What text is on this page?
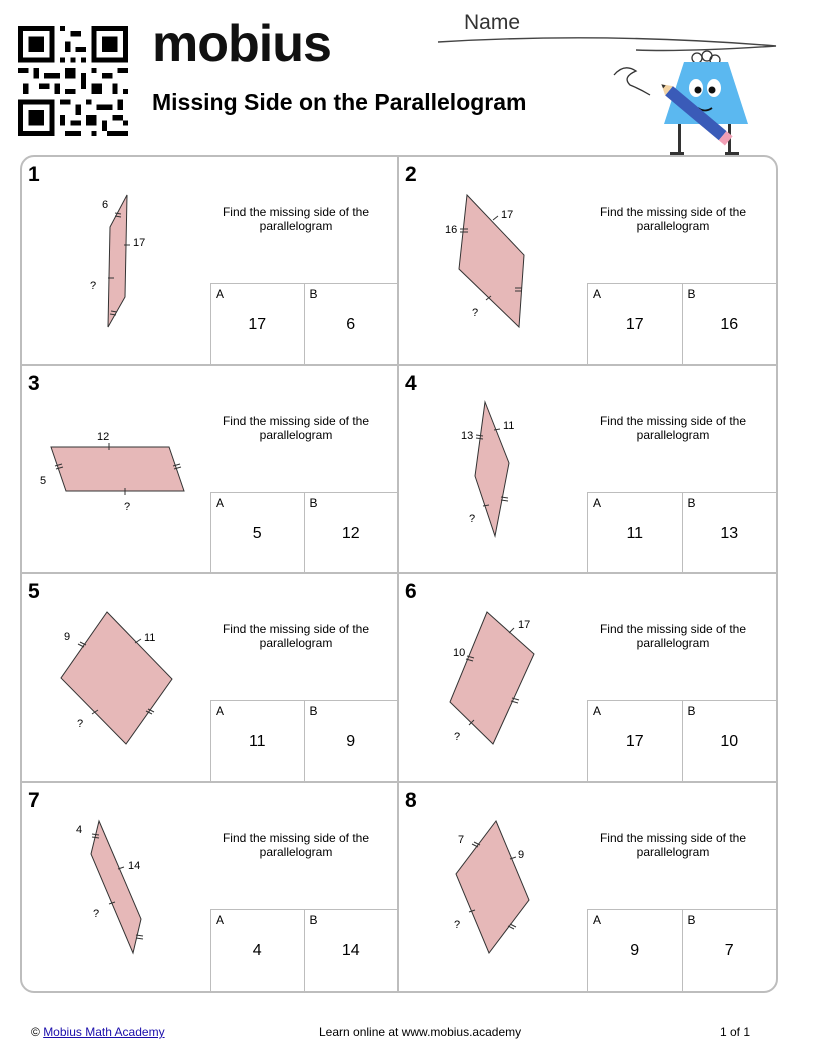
mobius
Missing Side on the Parallelogram
Name
1
6
17
?
Find the missing side of the parallelogram
A
17
B
6
2
16
17
?
Find the missing side of the parallelogram
A
17
B
16
3
12
5
?
Find the missing side of the parallelogram
A
5
B
12
4
13
11
?
Find the missing side of the parallelogram
A
11
B
13
5
9	11
?
Find the missing side of the parallelogram
A
11
B
9
6
10
17
?
Find the missing side of the parallelogram
A
17
B
10
7
4
14
?
Find the missing side of the parallelogram
A
4
B
14
8
7
9
?
Find the missing side of the parallelogram
A
9
B
7
© Mobius Math Academy	Learn online at www.mobius.academy	1 of 1
